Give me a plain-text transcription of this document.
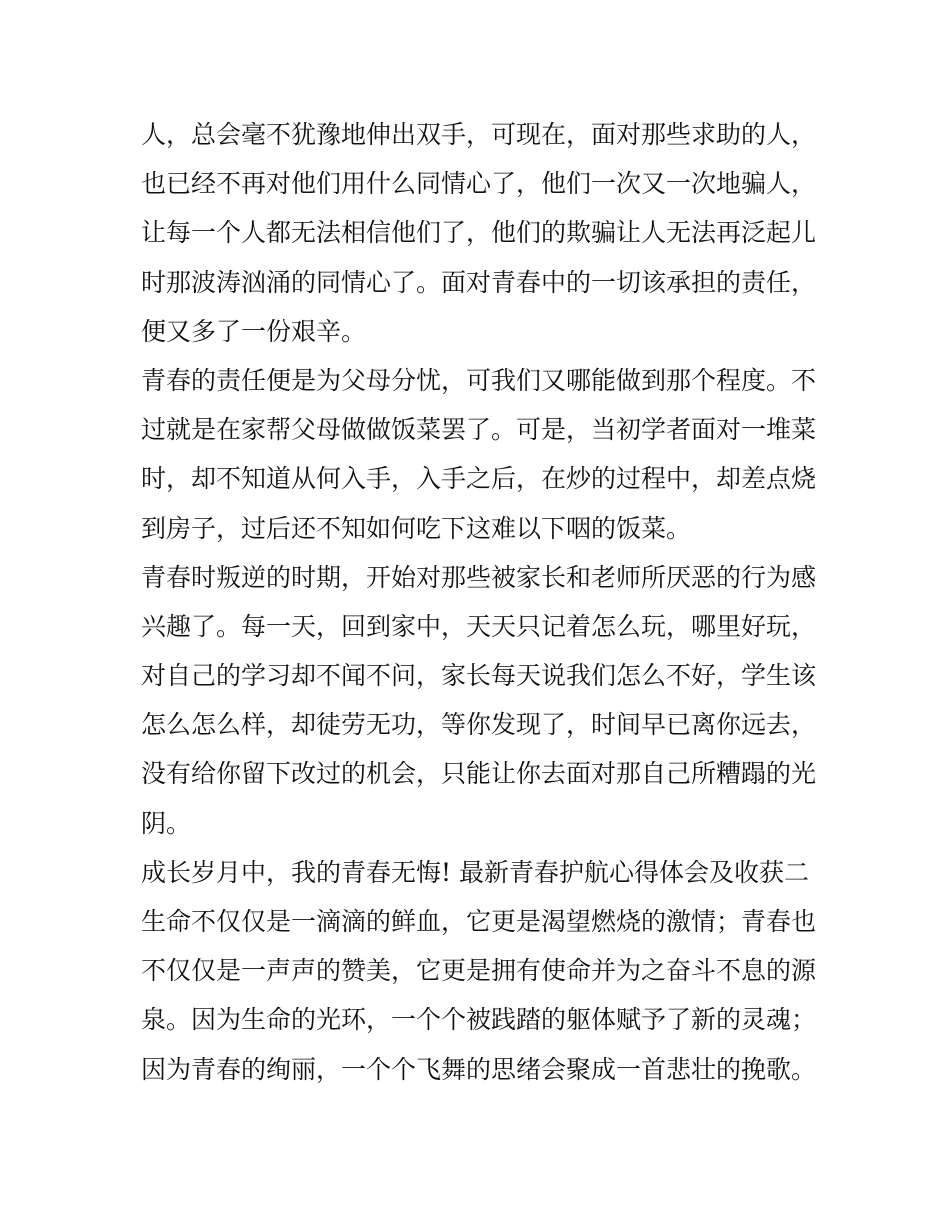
人，总会毫不犹豫地伸出双手，可现在，面对那些求助的人，
也已经不再对他们用什么同情心了，他们一次又一次地骗人，
让每一个人都无法相信他们了，他们的欺骗让人无法再泛起儿
时那波涛汹涌的同情心了。面对青春中的一切该承担的责任，
便又多了一份艰辛。
青春的责任便是为父母分忧，可我们又哪能做到那个程度。不
过就是在家帮父母做做饭菜罢了。可是，当初学者面对一堆菜
时，却不知道从何入手，入手之后，在炒的过程中，却差点烧
到房子，过后还不知如何吃下这难以下咽的饭菜。
青春时叛逆的时期，开始对那些被家长和老师所厌恶的行为感
兴趣了。每一天，回到家中，天天只记着怎么玩，哪里好玩，
对自己的学习却不闻不问，家长每天说我们怎么不好，学生该
怎么怎么样，却徒劳无功，等你发现了，时间早已离你远去，
没有给你留下改过的机会，只能让你去面对那自己所糟蹋的光
阴。
成长岁月中，我的青春无悔! 最新青春护航心得体会及收获二
生命不仅仅是一滴滴的鲜血，它更是渴望燃烧的激情；青春也
不仅仅是一声声的赞美，它更是拥有使命并为之奋斗不息的源
泉。因为生命的光环，一个个被践踏的躯体赋予了新的灵魂；
因为青春的绚丽，一个个飞舞的思绪会聚成一首悲壮的挽歌。
